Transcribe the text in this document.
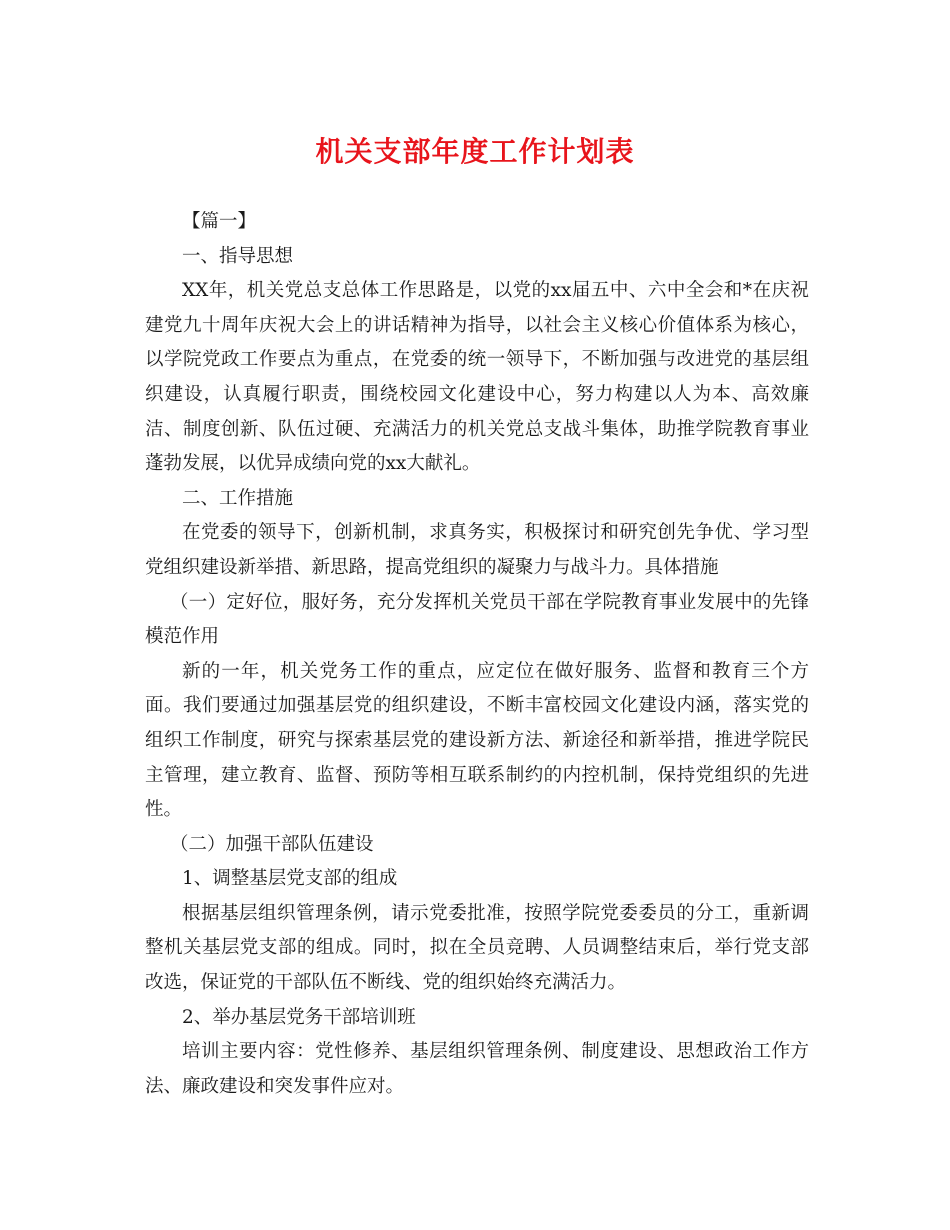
机关支部年度工作计划表

【篇一】

一、指导思想

XX年，机关党总支总体工作思路是，以党的xx届五中、六中全会和*在庆祝建党九十周年庆祝大会上的讲话精神为指导，以社会主义核心价值体系为核心，以学院党政工作要点为重点，在党委的统一领导下，不断加强与改进党的基层组织建设，认真履行职责，围绕校园文化建设中心，努力构建以人为本、高效廉洁、制度创新、队伍过硬、充满活力的机关党总支战斗集体，助推学院教育事业蓬勃发展，以优异成绩向党的xx大献礼。

二、工作措施

在党委的领导下，创新机制，求真务实，积极探讨和研究创先争优、学习型党组织建设新举措、新思路，提高党组织的凝聚力与战斗力。具体措施

（一）定好位，服好务，充分发挥机关党员干部在学院教育事业发展中的先锋模范作用

新的一年，机关党务工作的重点，应定位在做好服务、监督和教育三个方面。我们要通过加强基层党的组织建设，不断丰富校园文化建设内涵，落实党的组织工作制度，研究与探索基层党的建设新方法、新途径和新举措，推进学院民主管理，建立教育、监督、预防等相互联系制约的内控机制，保持党组织的先进性。

（二）加强干部队伍建设

1、调整基层党支部的组成

根据基层组织管理条例，请示党委批准，按照学院党委委员的分工，重新调整机关基层党支部的组成。同时，拟在全员竞聘、人员调整结束后，举行党支部改选，保证党的干部队伍不断线、党的组织始终充满活力。

2、举办基层党务干部培训班

培训主要内容：党性修养、基层组织管理条例、制度建设、思想政治工作方法、廉政建设和突发事件应对。
